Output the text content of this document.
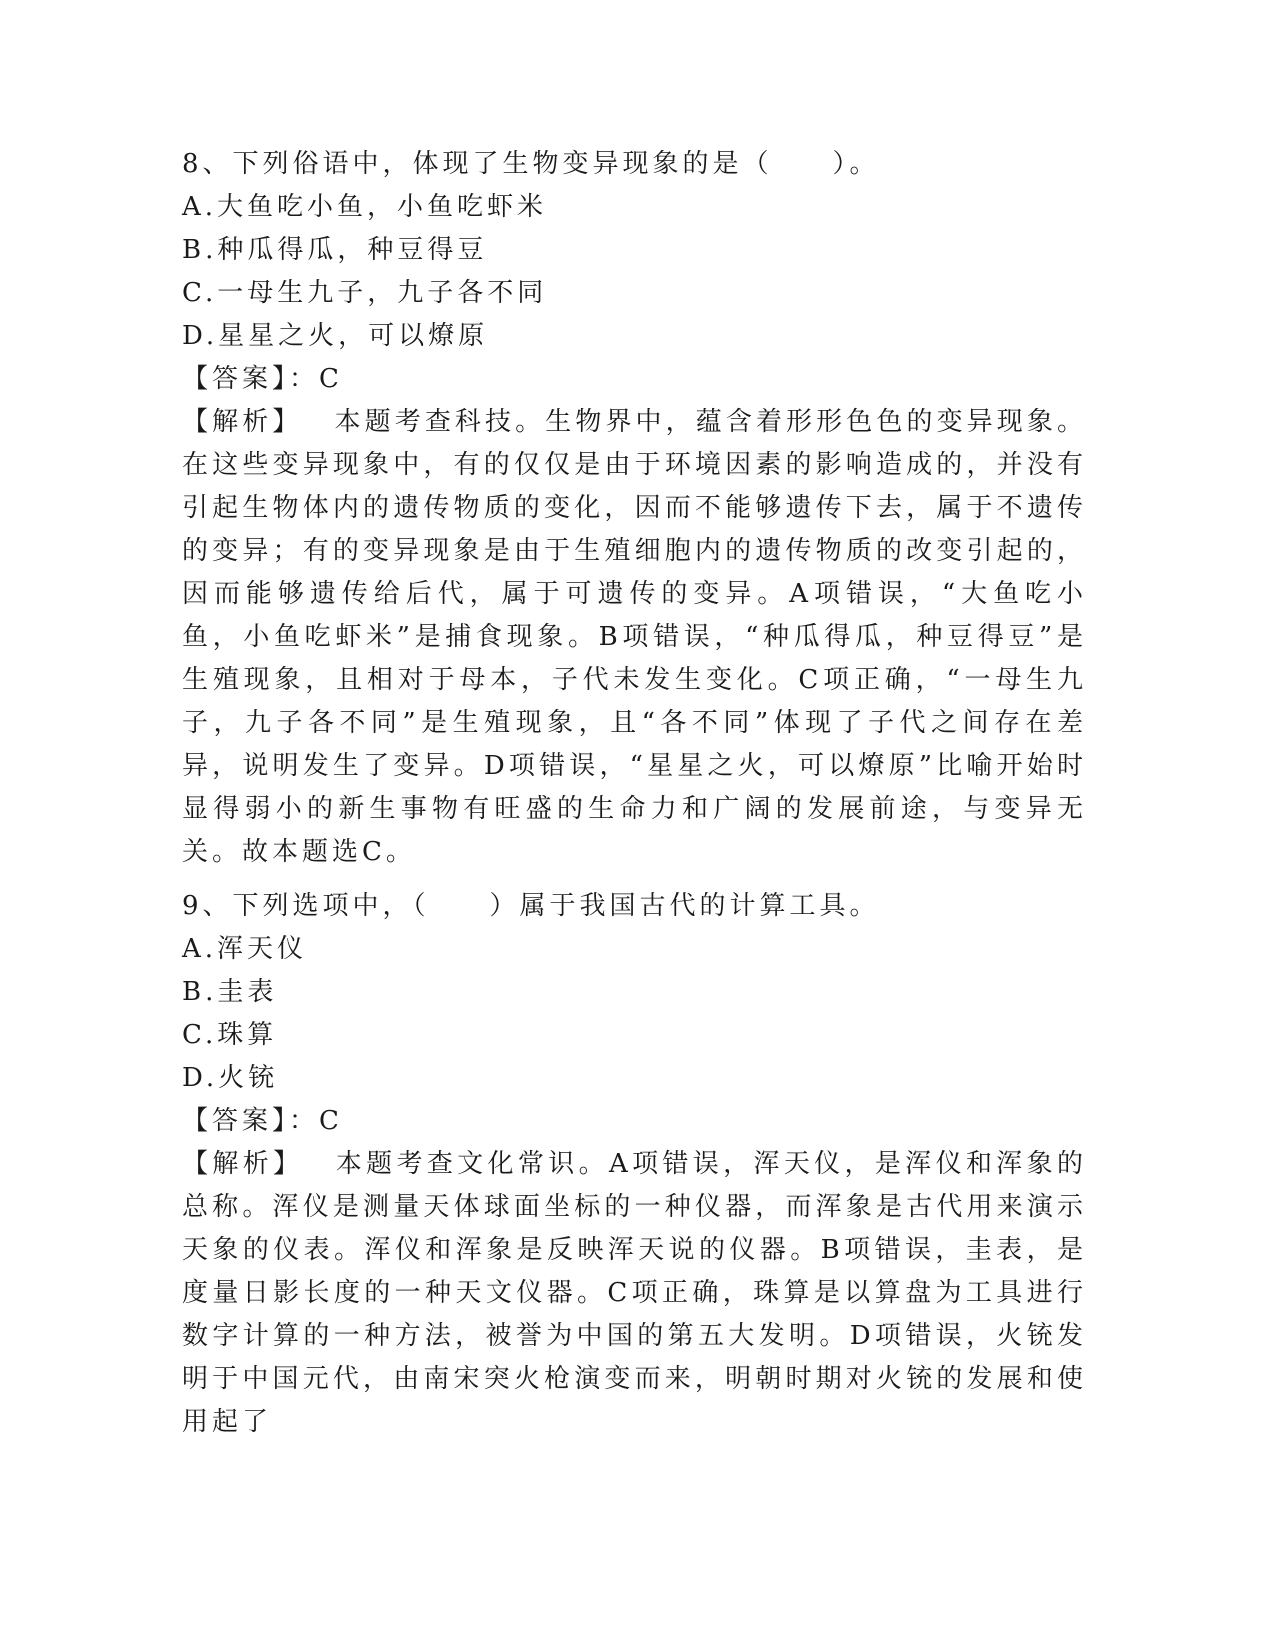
8、下列俗语中，体现了生物变异现象的是（　　）。
A.大鱼吃小鱼，小鱼吃虾米
B.种瓜得瓜，种豆得豆
C.一母生九子，九子各不同
D.星星之火，可以燎原
【答案】：C
【解析】 本题考查科技。生物界中，蕴含着形形色色的变异现象。在这些变异现象中，有的仅仅是由于环境因素的影响造成的，并没有引起生物体内的遗传物质的变化，因而不能够遗传下去，属于不遗传的变异；有的变异现象是由于生殖细胞内的遗传物质的改变引起的，因而能够遗传给后代，属于可遗传的变异。A项错误，“大鱼吃小鱼，小鱼吃虾米”是捕食现象。B项错误，“种瓜得瓜，种豆得豆”是生殖现象，且相对于母本，子代未发生变化。C项正确，“一母生九子，九子各不同”是生殖现象，且“各不同”体现了子代之间存在差异，说明发生了变异。D项错误，“星星之火，可以燎原”比喻开始时显得弱小的新生事物有旺盛的生命力和广阔的发展前途，与变异无关。故本题选C。
9、下列选项中，（　　）属于我国古代的计算工具。
A.浑天仪
B.圭表
C.珠算
D.火铳
【答案】：C
【解析】 本题考查文化常识。A项错误，浑天仪，是浑仪和浑象的总称。浑仪是测量天体球面坐标的一种仪器，而浑象是古代用来演示天象的仪表。浑仪和浑象是反映浑天说的仪器。B项错误，圭表，是度量日影长度的一种天文仪器。C项正确，珠算是以算盘为工具进行数字计算的一种方法，被誉为中国的第五大发明。D项错误，火铳发明于中国元代，由南宋突火枪演变而来，明朝时期对火铳的发展和使用起了
